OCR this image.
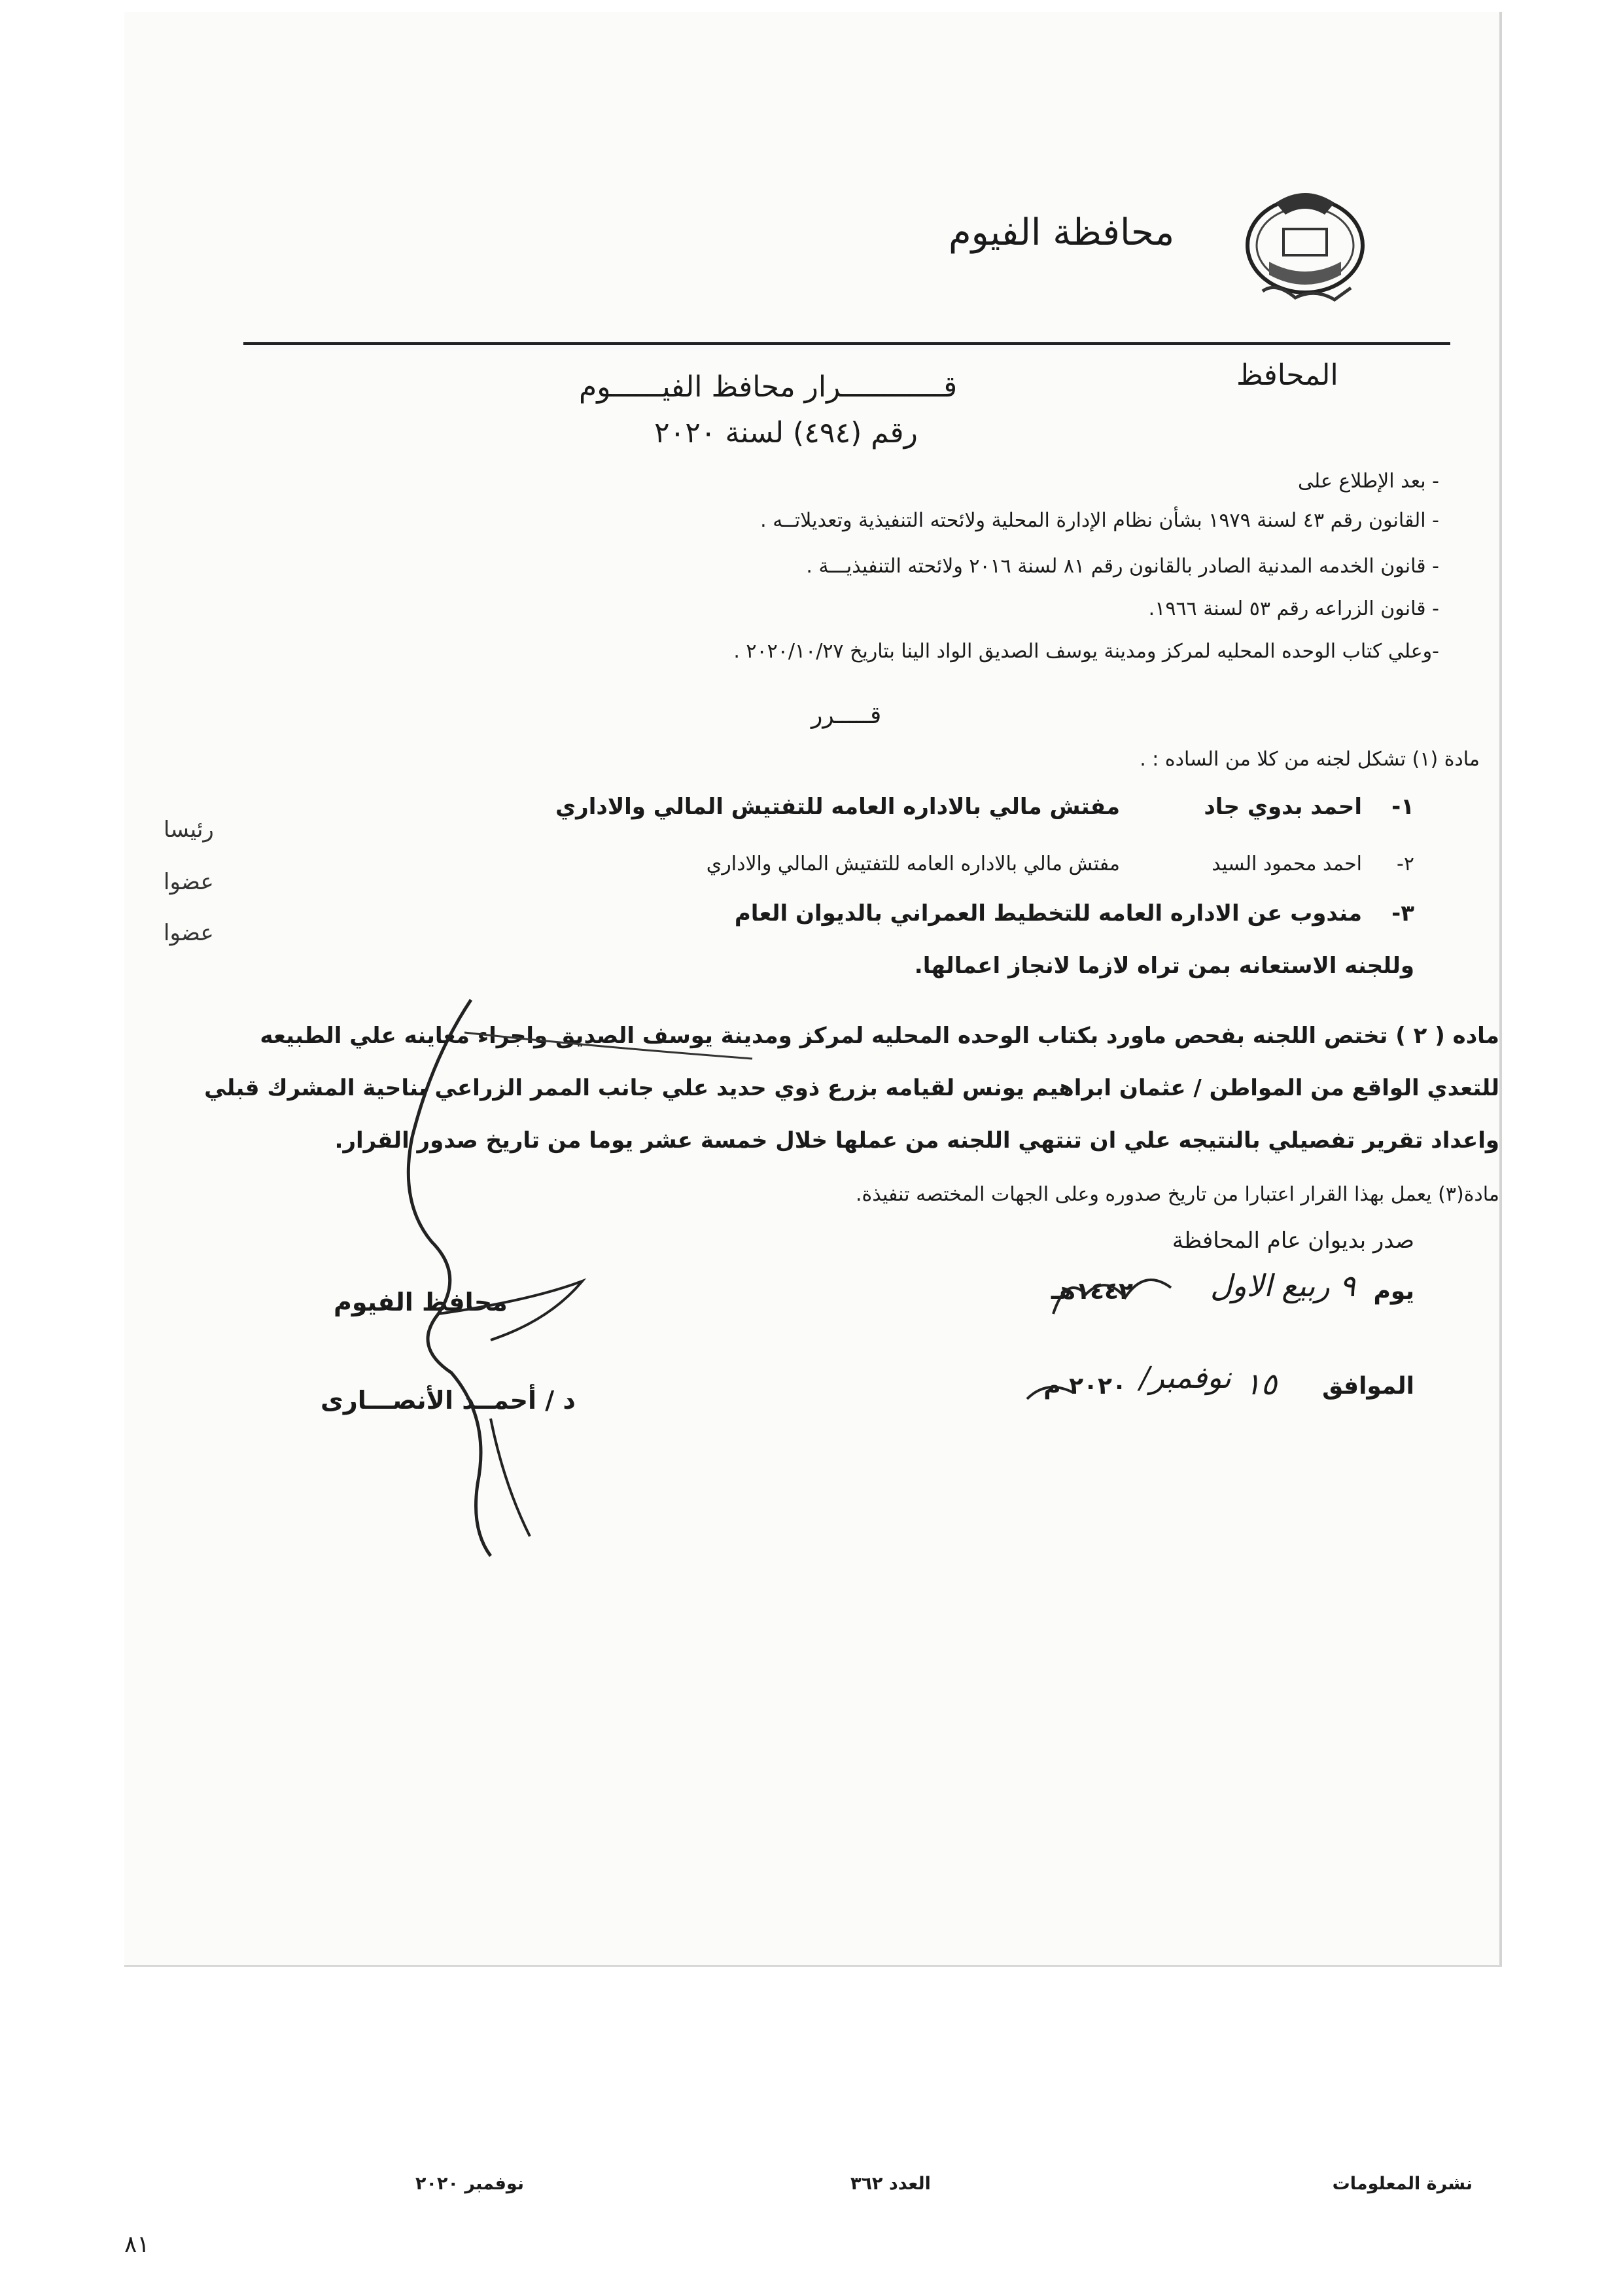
محافظة الفيوم
المحافظ
قــــــــــــرار محافظ الفيــــــوم
رقم (٤٩٤) لسنة ٢٠٢٠
- بعد الإطلاع على
- القانون رقم ٤٣ لسنة ١٩٧٩ بشأن نظام الإدارة المحلية ولائحته التنفيذية وتعديلاتــه .
- قانون الخدمه المدنية الصادر بالقانون رقم ٨١ لسنة ٢٠١٦ ولائحته التنفيذيـــة .
- قانون الزراعه رقم ٥٣ لسنة ١٩٦٦.
-وعلي كتاب الوحده المحليه لمركز ومدينة يوسف الصديق الواد الينا بتاريخ ٢٠٢٠/١٠/٢٧ .
قـــــرر
مادة (١) تشكل لجنه من كلا من الساده : .
١-
احمد بدوي جاد
مفتش مالي بالاداره العامه للتفتيش المالي والاداري
رئيسا
٢-
احمد محمود السيد
مفتش مالي بالاداره العامه للتفتيش المالي والاداري
عضوا
٣-
مندوب عن الاداره العامه للتخطيط العمراني بالديوان العام
عضوا
وللجنه الاستعانه بمن تراه لازما لانجاز اعمالها.
ماده ( ٢ ) تختص اللجنه بفحص ماورد بكتاب الوحده المحليه لمركز ومدينة يوسف الصديق واجراء معاينه علي الطبيعه
للتعدي الواقع من المواطن / عثمان ابراهيم يونس لقيامه بزرع ذوي حديد علي جانب الممر الزراعي بناحية المشرك قبلي
واعداد تقرير تفصيلي بالنتيجه علي ان تنتهي اللجنه من عملها خلال خمسة عشر يوما من تاريخ صدور القرار.
مادة(٣) يعمل بهذا القرار اعتبارا من تاريخ صدوره وعلى الجهات المختصه تنفيذة.
صدر بديوان عام المحافظة
يوم
٩ ربيع الاول
١٤٤٢هـ
الموافق
١٥
نوفمبر/
٢٠٢٠ م
محافظ الفيوم
د / أحمــد الأنصـــارى
نشرة المعلومات
العدد ٣٦٢
نوفمبر ٢٠٢٠
٨١
